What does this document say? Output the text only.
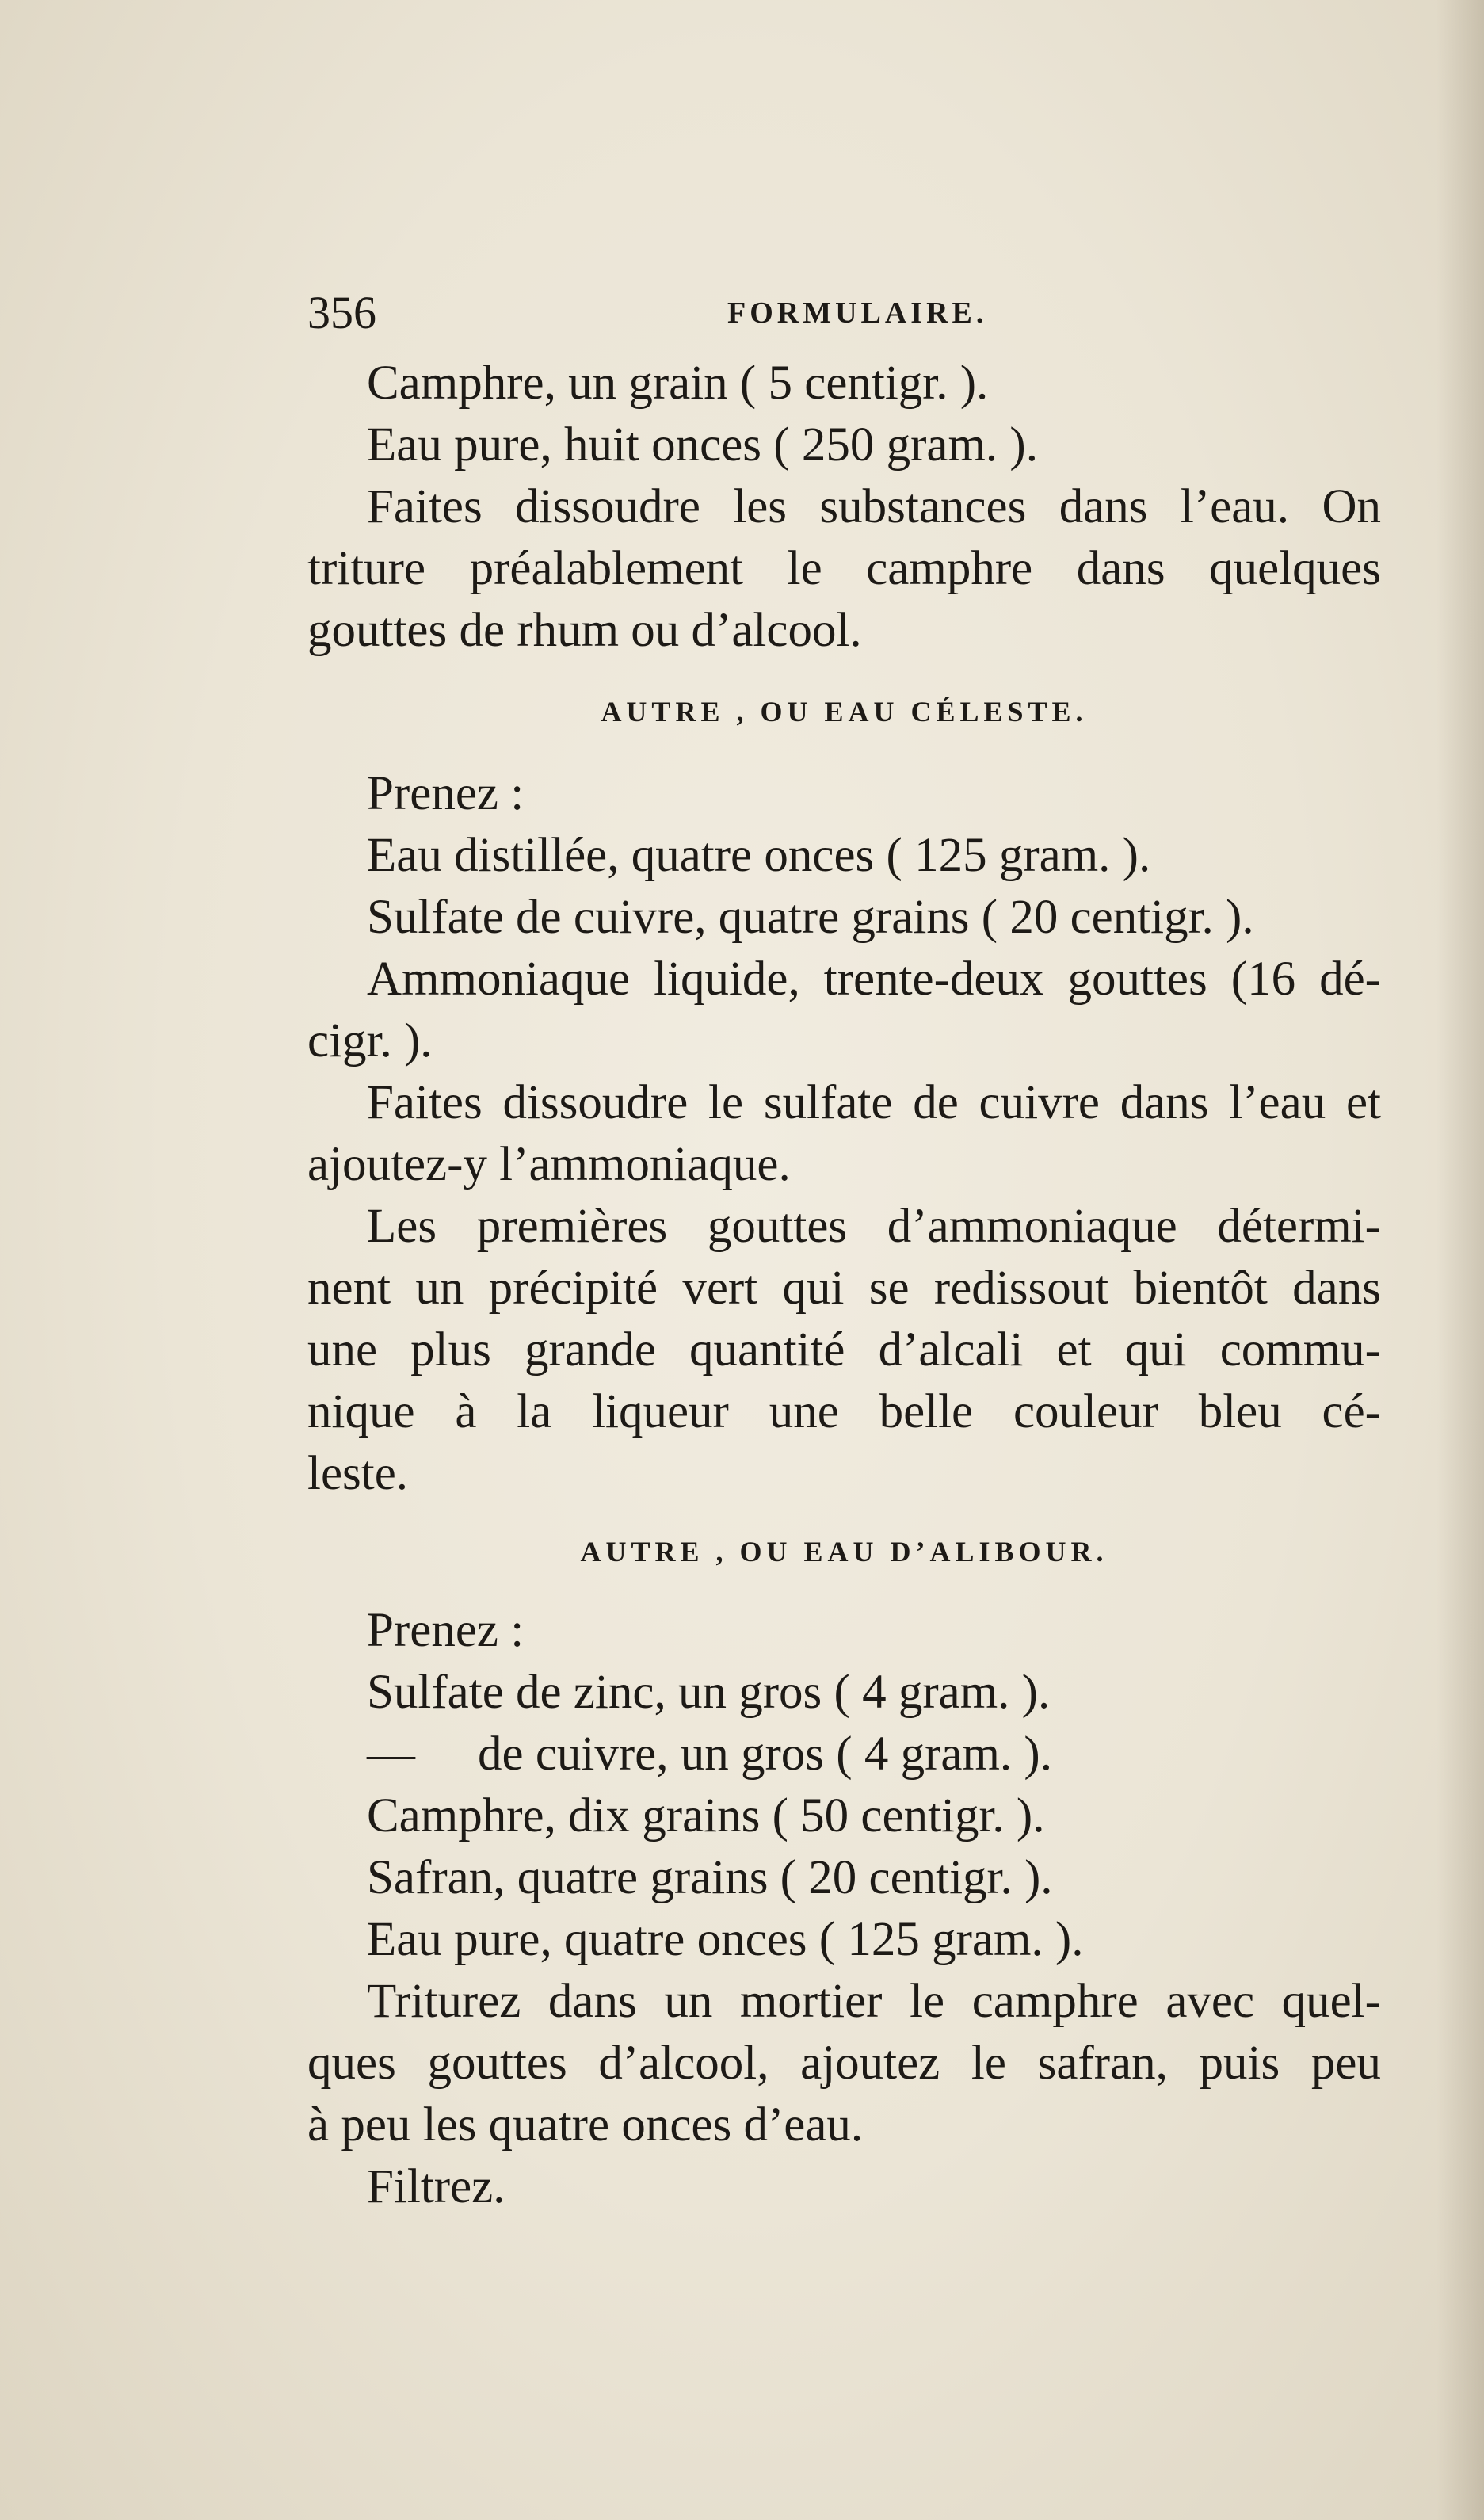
356	FORMULAIRE.

Camphre, un grain ( 5 centigr. ).

Eau pure, huit onces ( 250 gram. ).

Faites dissoudre les substances dans l’eau. On

triture préalablement le camphre dans quelques

gouttes de rhum ou d’alcool.

AUTRE , OU EAU CÉLESTE.

Prenez :

Eau distillée, quatre onces ( 125 gram. ).

Sulfate de cuivre, quatre grains ( 20 centigr. ).

Ammoniaque liquide, trente-deux gouttes (16 dé-

cigr. ).

Faites dissoudre le sulfate de cuivre dans l’eau et

ajoutez-y l’ammoniaque.

Les premières gouttes d’ammoniaque détermi-

nent un précipité vert qui se redissout bientôt dans

une plus grande quantité d’alcali et qui commu-

nique à la liqueur une belle couleur bleu cé-

leste.

AUTRE , OU EAU D’ALIBOUR.

Prenez :

Sulfate de zinc, un gros ( 4 gram. ).

— de cuivre, un gros ( 4 gram. ).

Camphre, dix grains ( 50 centigr. ).

Safran, quatre grains ( 20 centigr. ).

Eau pure, quatre onces ( 125 gram. ).

Triturez dans un mortier le camphre avec quel-

ques gouttes d’alcool, ajoutez le safran, puis peu

à peu les quatre onces d’eau.

Filtrez.
